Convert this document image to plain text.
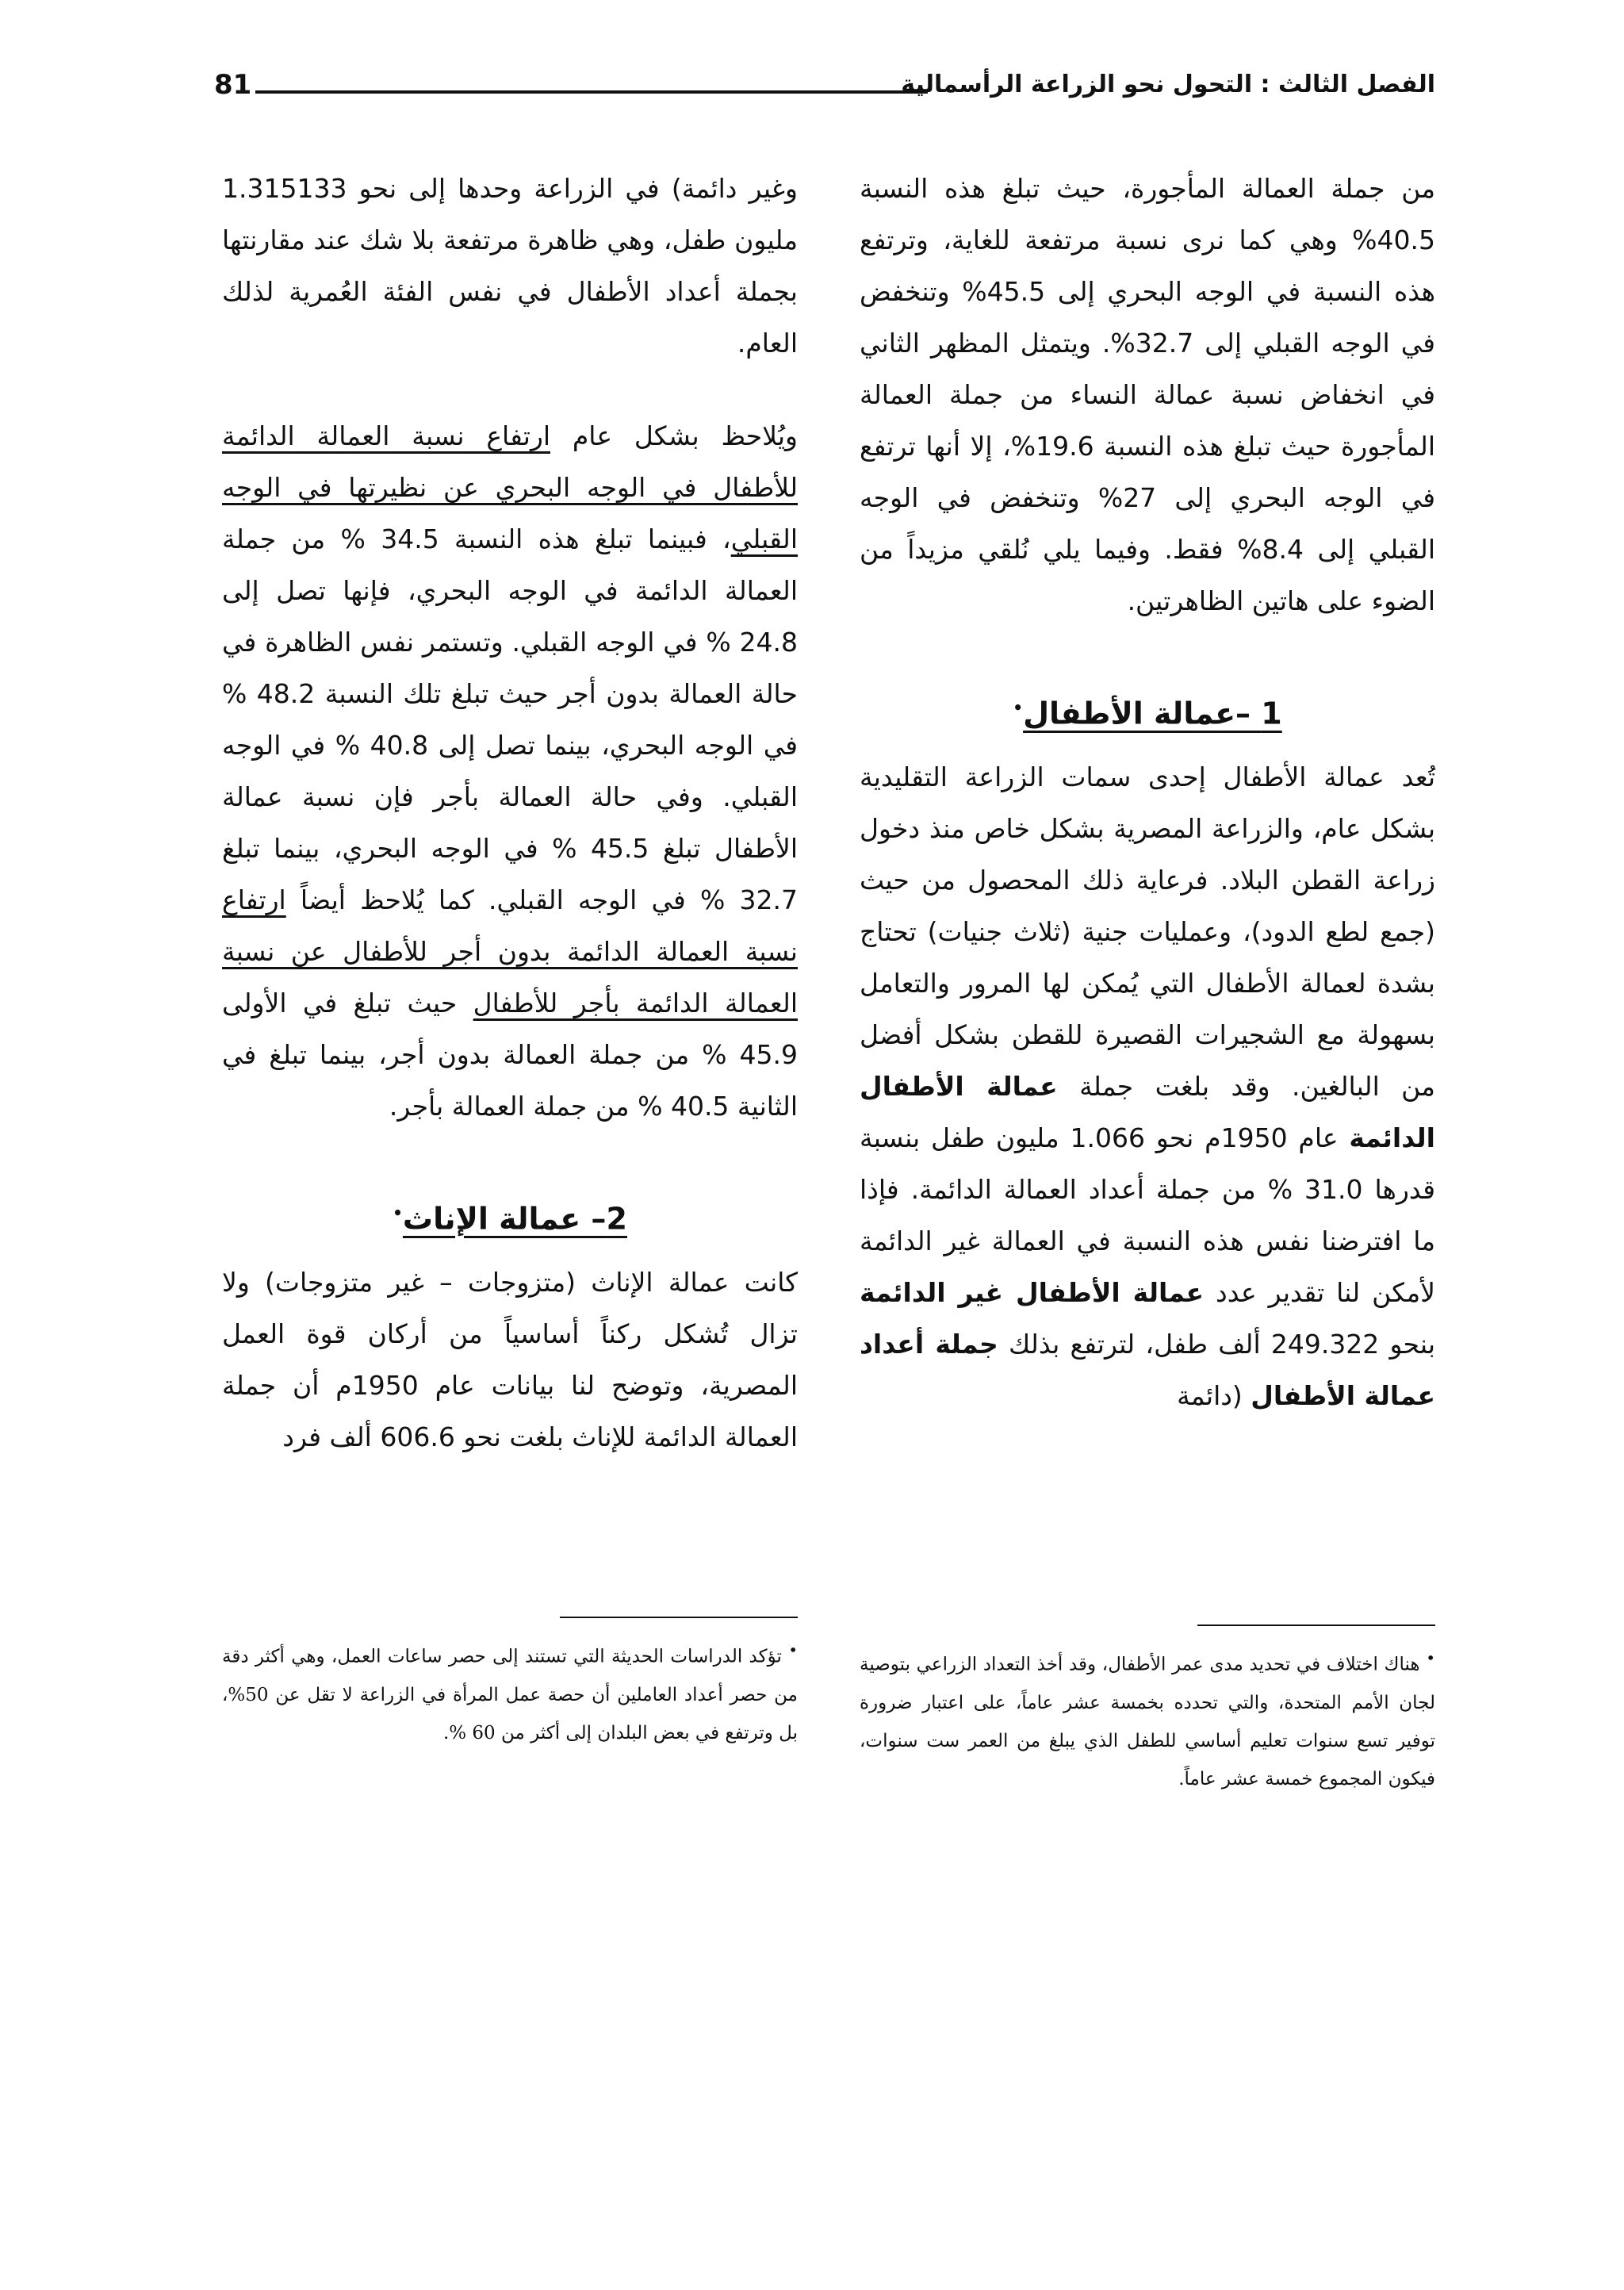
81	الفصل الثالث : التحول نحو الزراعة الرأسمالية

من جملة العمالة المأجورة، حيث تبلغ هذه النسبة 40.5% وهي كما نرى نسبة مرتفعة للغاية، وترتفع هذه النسبة في الوجه البحري إلى 45.5% وتنخفض في الوجه القبلي إلى 32.7%. ويتمثل المظهر الثاني في انخفاض نسبة عمالة النساء من جملة العمالة المأجورة حيث تبلغ هذه النسبة 19.6%، إلا أنها ترتفع في الوجه البحري إلى 27% وتنخفض في الوجه القبلي إلى 8.4% فقط. وفيما يلي نُلقي مزيداً من الضوء على هاتين الظاهرتين.

1 –عمالة الأطفال•

تُعد عمالة الأطفال إحدى سمات الزراعة التقليدية بشكل عام، والزراعة المصرية بشكل خاص منذ دخول زراعة القطن البلاد. فرعاية ذلك المحصول من حيث (جمع لطع الدود)، وعمليات جنية (ثلاث جنيات) تحتاج بشدة لعمالة الأطفال التي يُمكن لها المرور والتعامل بسهولة مع الشجيرات القصيرة للقطن بشكل أفضل من البالغين. وقد بلغت جملة عمالة الأطفال الدائمة عام 1950م نحو 1.066 مليون طفل بنسبة قدرها 31.0 % من جملة أعداد العمالة الدائمة. فإذا ما افترضنا نفس هذه النسبة في العمالة غير الدائمة لأمكن لنا تقدير عدد عمالة الأطفال غير الدائمة بنحو 249.322 ألف طفل، لترتفع بذلك جملة أعداد عمالة الأطفال (دائمة

• هناك اختلاف في تحديد مدى عمر الأطفال، وقد أخذ التعداد الزراعي بتوصية لجان الأمم المتحدة، والتي تحدده بخمسة عشر عاماً، على اعتبار ضرورة توفير تسع سنوات تعليم أساسي للطفل الذي يبلغ من العمر ست سنوات، فيكون المجموع خمسة عشر عاماً.

وغير دائمة) في الزراعة وحدها إلى نحو 1.315133 مليون طفل، وهي ظاهرة مرتفعة بلا شك عند مقارنتها بجملة أعداد الأطفال في نفس الفئة العُمرية لذلك العام.

ويُلاحظ بشكل عام ارتفاع نسبة العمالة الدائمة للأطفال في الوجه البحري عن نظيرتها في الوجه القبلي، فبينما تبلغ هذه النسبة 34.5 % من جملة العمالة الدائمة في الوجه البحري، فإنها تصل إلى 24.8 % في الوجه القبلي. وتستمر نفس الظاهرة في حالة العمالة بدون أجر حيث تبلغ تلك النسبة 48.2 % في الوجه البحري، بينما تصل إلى 40.8 % في الوجه القبلي. وفي حالة العمالة بأجر فإن نسبة عمالة الأطفال تبلغ 45.5 % في الوجه البحري، بينما تبلغ 32.7 % في الوجه القبلي. كما يُلاحظ أيضاً ارتفاع نسبة العمالة الدائمة بدون أجر للأطفال عن نسبة العمالة الدائمة بأجر للأطفال حيث تبلغ في الأولى 45.9 % من جملة العمالة بدون أجر، بينما تبلغ في الثانية 40.5 % من جملة العمالة بأجر.

2– عمالة الإناث•

كانت عمالة الإناث (متزوجات – غير متزوجات) ولا تزال تُشكل ركناً أساسياً من أركان قوة العمل المصرية، وتوضح لنا بيانات عام 1950م أن جملة العمالة الدائمة للإناث بلغت نحو 606.6 ألف فرد

• تؤكد الدراسات الحديثة التي تستند إلى حصر ساعات العمل، وهي أكثر دقة من حصر أعداد العاملين أن حصة عمل المرأة في الزراعة لا تقل عن 50%، بل وترتفع في بعض البلدان إلى أكثر من 60 %.
